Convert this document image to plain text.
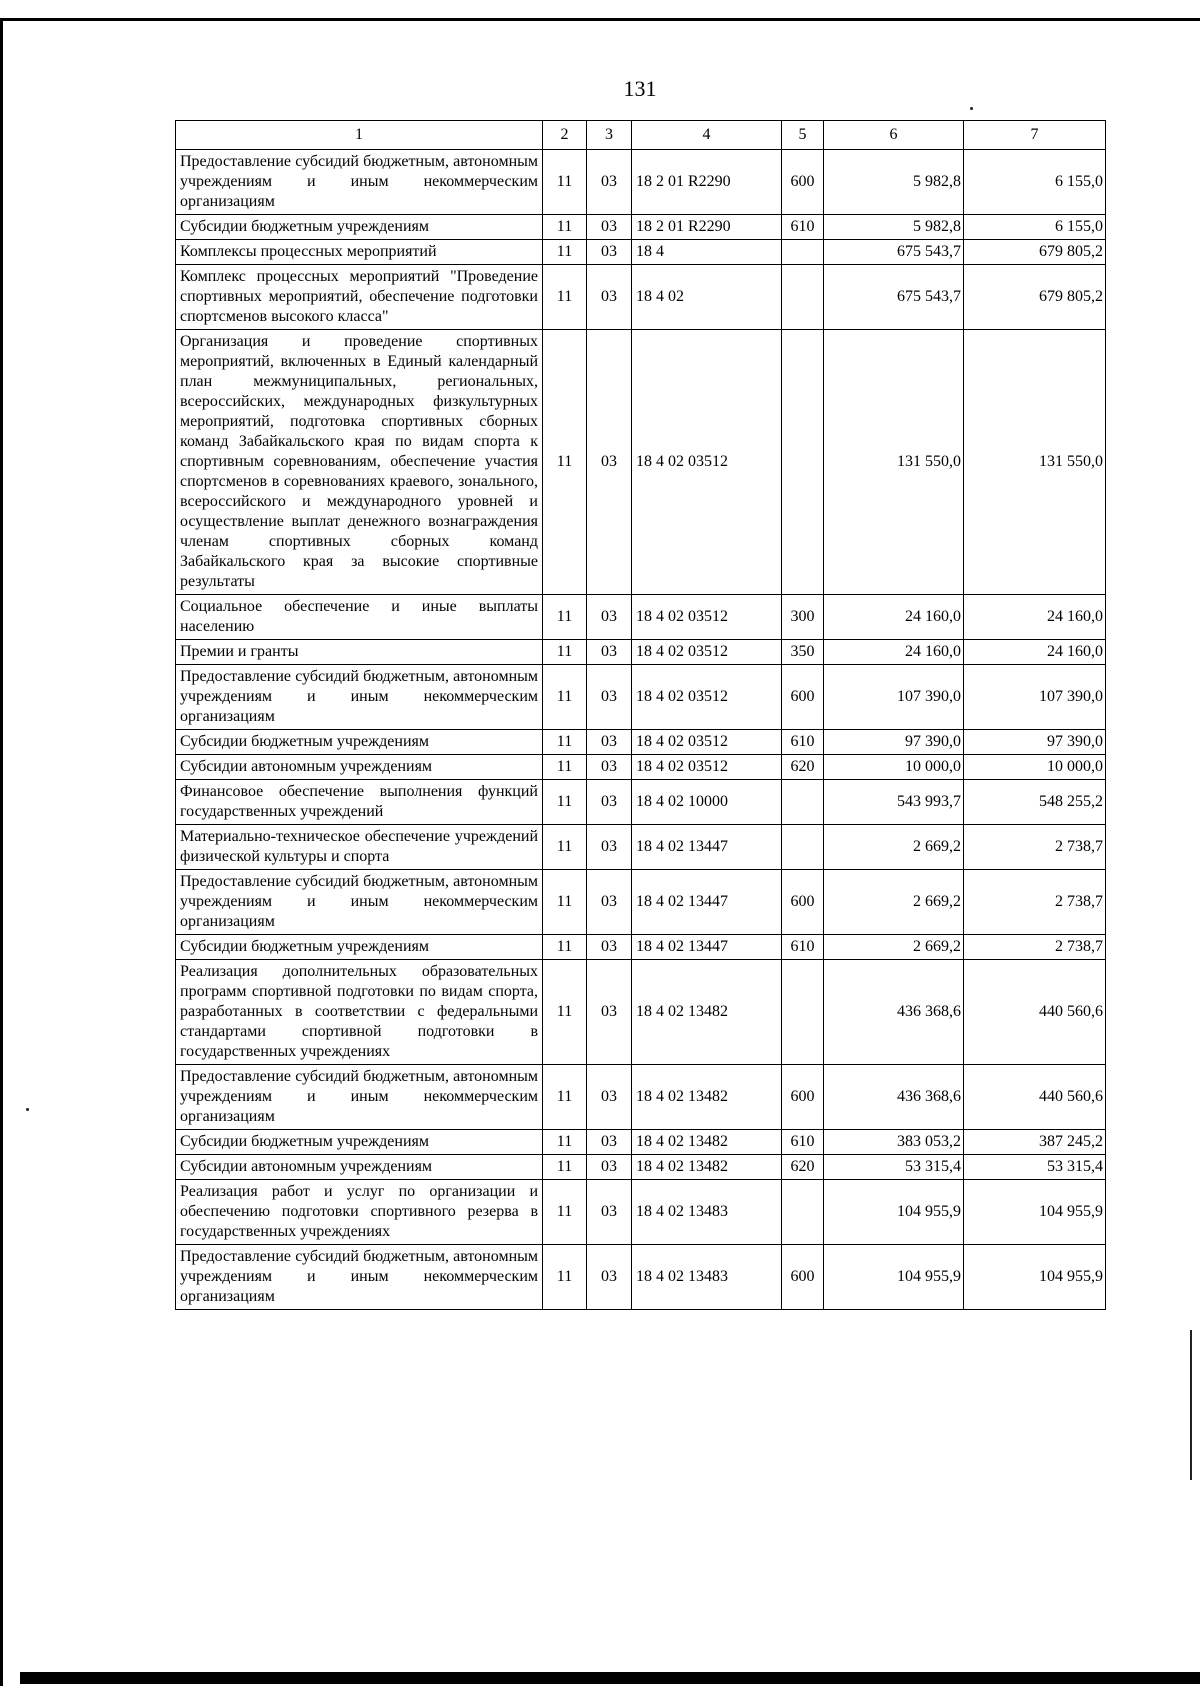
131
1	2	3	4	5	6	7
Предоставление субсидий бюджетным, автономным учреждениям и иным некоммерческим организациям	11	03	18 2 01 R2290	600	5 982,8	6 155,0
Субсидии бюджетным учреждениям	11	03	18 2 01 R2290	610	5 982,8	6 155,0
Комплексы процессных мероприятий	11	03	18 4		675 543,7	679 805,2
Комплекс процессных мероприятий "Проведение спортивных мероприятий, обеспечение подготовки спортсменов высокого класса"	11	03	18 4 02		675 543,7	679 805,2
Организация и проведение спортивных мероприятий, включенных в Единый календарный план межмуниципальных, региональных, всероссийских, международных физкультурных мероприятий, подготовка спортивных сборных команд Забайкальского края по видам спорта к спортивным соревнованиям, обеспечение участия спортсменов в соревнованиях краевого, зонального, всероссийского и международного уровней и осуществление выплат денежного вознаграждения членам спортивных сборных команд Забайкальского края за высокие спортивные результаты	11	03	18 4 02 03512		131 550,0	131 550,0
Социальное обеспечение и иные выплаты населению	11	03	18 4 02 03512	300	24 160,0	24 160,0
Премии и гранты	11	03	18 4 02 03512	350	24 160,0	24 160,0
Предоставление субсидий бюджетным, автономным учреждениям и иным некоммерческим организациям	11	03	18 4 02 03512	600	107 390,0	107 390,0
Субсидии бюджетным учреждениям	11	03	18 4 02 03512	610	97 390,0	97 390,0
Субсидии автономным учреждениям	11	03	18 4 02 03512	620	10 000,0	10 000,0
Финансовое обеспечение выполнения функций государственных учреждений	11	03	18 4 02 10000		543 993,7	548 255,2
Материально-техническое обеспечение учреждений физической культуры и спорта	11	03	18 4 02 13447		2 669,2	2 738,7
Предоставление субсидий бюджетным, автономным учреждениям и иным некоммерческим организациям	11	03	18 4 02 13447	600	2 669,2	2 738,7
Субсидии бюджетным учреждениям	11	03	18 4 02 13447	610	2 669,2	2 738,7
Реализация дополнительных образовательных программ спортивной подготовки по видам спорта, разработанных в соответствии с федеральными стандартами спортивной подготовки в государственных учреждениях	11	03	18 4 02 13482		436 368,6	440 560,6
Предоставление субсидий бюджетным, автономным учреждениям и иным некоммерческим организациям	11	03	18 4 02 13482	600	436 368,6	440 560,6
Субсидии бюджетным учреждениям	11	03	18 4 02 13482	610	383 053,2	387 245,2
Субсидии автономным учреждениям	11	03	18 4 02 13482	620	53 315,4	53 315,4
Реализация работ и услуг по организации и обеспечению подготовки спортивного резерва в государственных учреждениях	11	03	18 4 02 13483		104 955,9	104 955,9
Предоставление субсидий бюджетным, автономным учреждениям и иным некоммерческим организациям	11	03	18 4 02 13483	600	104 955,9	104 955,9
